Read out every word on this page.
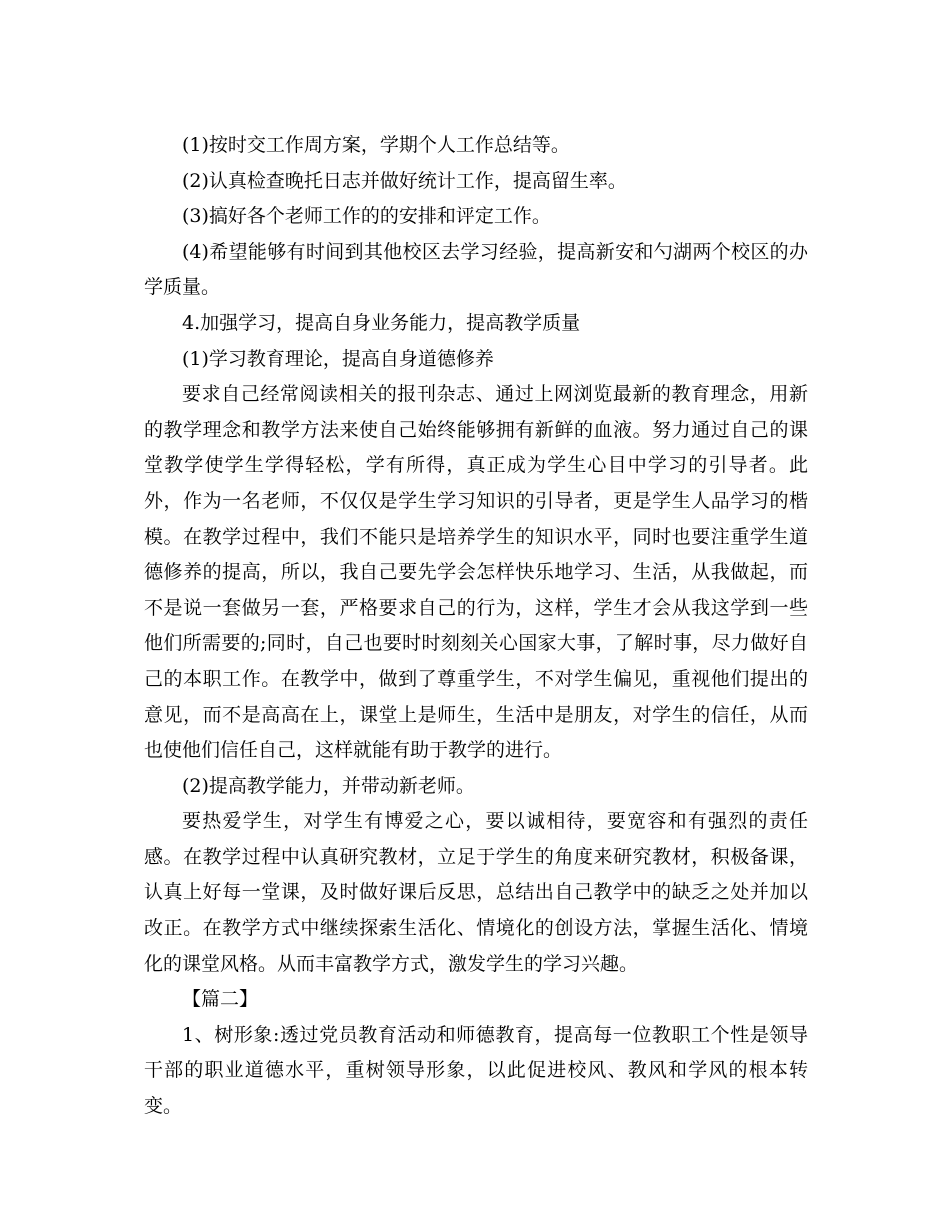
(1)按时交工作周方案，学期个人工作总结等。

(2)认真检查晚托日志并做好统计工作，提高留生率。

(3)搞好各个老师工作的的安排和评定工作。

(4)希望能够有时间到其他校区去学习经验，提高新安和勺湖两个校区的办学质量。

4.加强学习，提高自身业务能力，提高教学质量

(1)学习教育理论，提高自身道德修养

要求自己经常阅读相关的报刊杂志、通过上网浏览最新的教育理念，用新的教学理念和教学方法来使自己始终能够拥有新鲜的血液。努力通过自己的课堂教学使学生学得轻松，学有所得，真正成为学生心目中学习的引导者。此外，作为一名老师，不仅仅是学生学习知识的引导者，更是学生人品学习的楷模。在教学过程中，我们不能只是培养学生的知识水平，同时也要注重学生道德修养的提高，所以，我自己要先学会怎样快乐地学习、生活，从我做起，而不是说一套做另一套，严格要求自己的行为，这样，学生才会从我这学到一些他们所需要的;同时，自己也要时时刻刻关心国家大事，了解时事，尽力做好自己的本职工作。在教学中，做到了尊重学生，不对学生偏见，重视他们提出的意见，而不是高高在上，课堂上是师生，生活中是朋友，对学生的信任，从而也使他们信任自己，这样就能有助于教学的进行。

(2)提高教学能力，并带动新老师。

要热爱学生，对学生有博爱之心，要以诚相待，要宽容和有强烈的责任感。在教学过程中认真研究教材，立足于学生的角度来研究教材，积极备课，认真上好每一堂课，及时做好课后反思，总结出自己教学中的缺乏之处并加以改正。在教学方式中继续探索生活化、情境化的创设方法，掌握生活化、情境化的课堂风格。从而丰富教学方式，激发学生的学习兴趣。

【篇二】

1、树形象:透过党员教育活动和师德教育，提高每一位教职工个性是领导干部的职业道德水平，重树领导形象，以此促进校风、教风和学风的根本转变。
